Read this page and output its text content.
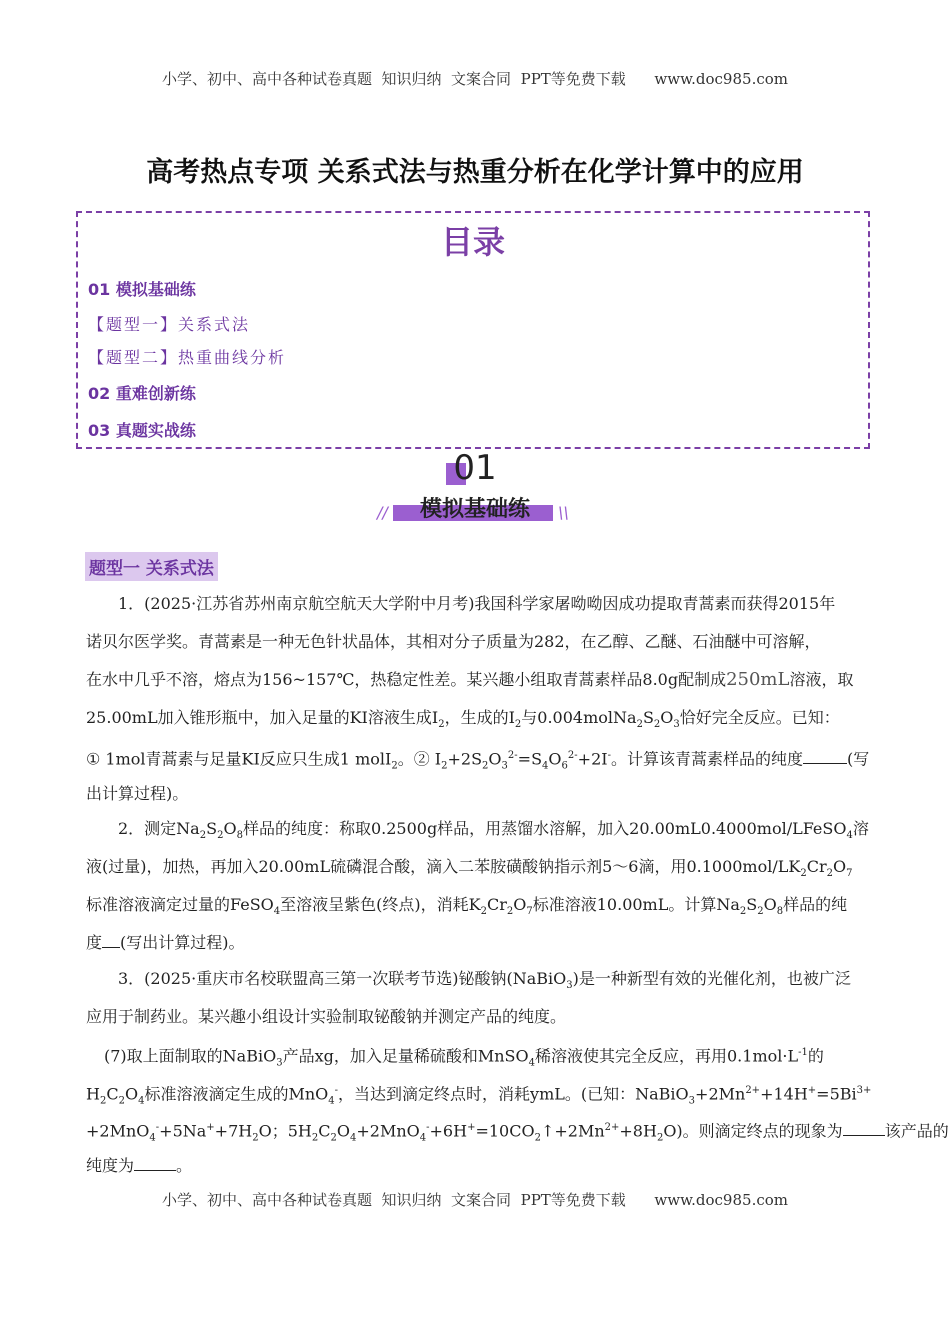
小学、初中、高中各种试卷真题  知识归纳  文案合同  PPT等免费下载      www.doc985.com
高考热点专项 关系式法与热重分析在化学计算中的应用
目录
01 模拟基础练
【题型一】关系式法
【题型二】热重曲线分析
02 重难创新练
03 真题实战练
01
模拟基础练
//	\\
题型一 关系式法
1．(2025·江苏省苏州南京航空航天大学附中月考)我国科学家屠呦呦因成功提取青蒿素而获得2015年
诺贝尔医学奖。青蒿素是一种无色针状晶体，其相对分子质量为282，在乙醇、乙醚、石油醚中可溶解，
在水中几乎不溶，熔点为156~157℃，热稳定性差。某兴趣小组取青蒿素样品8.0g配制成250mL溶液，取
25.00mL加入锥形瓶中，加入足量的KI溶液生成$I_2$，生成的$I_2$与$0.004molNa_2S_2O_3$恰好完全反应。已知：
① 1mol青蒿素与足量KI反应只生成1 molI$_2$。② $I_2+2S_2O_3^{2-}=S_4O_6^{2-}+2I^-$。计算该青蒿素样品的纯度	(写
出计算过程)。
2．测定$Na_2S_2O_8$样品的纯度：称取0.2500g样品，用蒸馏水溶解，加入20.00mL0.4000mol/LFeSO$_4$溶
液(过量)，加热，再加入20.00mL硫磷混合酸，滴入二苯胺磺酸钠指示剂5～6滴，用$0.1000mol/LK_2Cr_2O_7$
标准溶液滴定过量的FeSO$_4$至溶液呈紫色(终点)，消耗$K_2Cr_2O_7$标准溶液10.00mL。计算$Na_2S_2O_8$样品的纯
度 (写出计算过程)。
3．(2025·重庆市名校联盟高三第一次联考节选)铋酸钠(NaBiO$_3$)是一种新型有效的光催化剂，也被广泛
应用于制药业。某兴趣小组设计实验制取铋酸钠并测定产品的纯度。
(7)取上面制取的NaBiO$_3$产品xg，加入足量稀硫酸和MnSO$_4$稀溶液使其完全反应，再用$0.1mol\cdot L^{-1}$的
$H_2C_2O_4$标准溶液滴定生成的MnO$_4$-，当达到滴定终点时，消耗ymL。(已知：$NaBiO_3+2Mn^{2+}+14H^+=5Bi^{3+}$
$+2MnO_4^-+5Na^++7H_2O$；$5H_2C_2O_4+2MnO_4^-+6H^+=10CO_2↑+2Mn^{2+}+8H_2O$)。则滴定终点的现象为	该产品的
纯度为	。
小学、初中、高中各种试卷真题  知识归纳  文案合同  PPT等免费下载      www.doc985.com
